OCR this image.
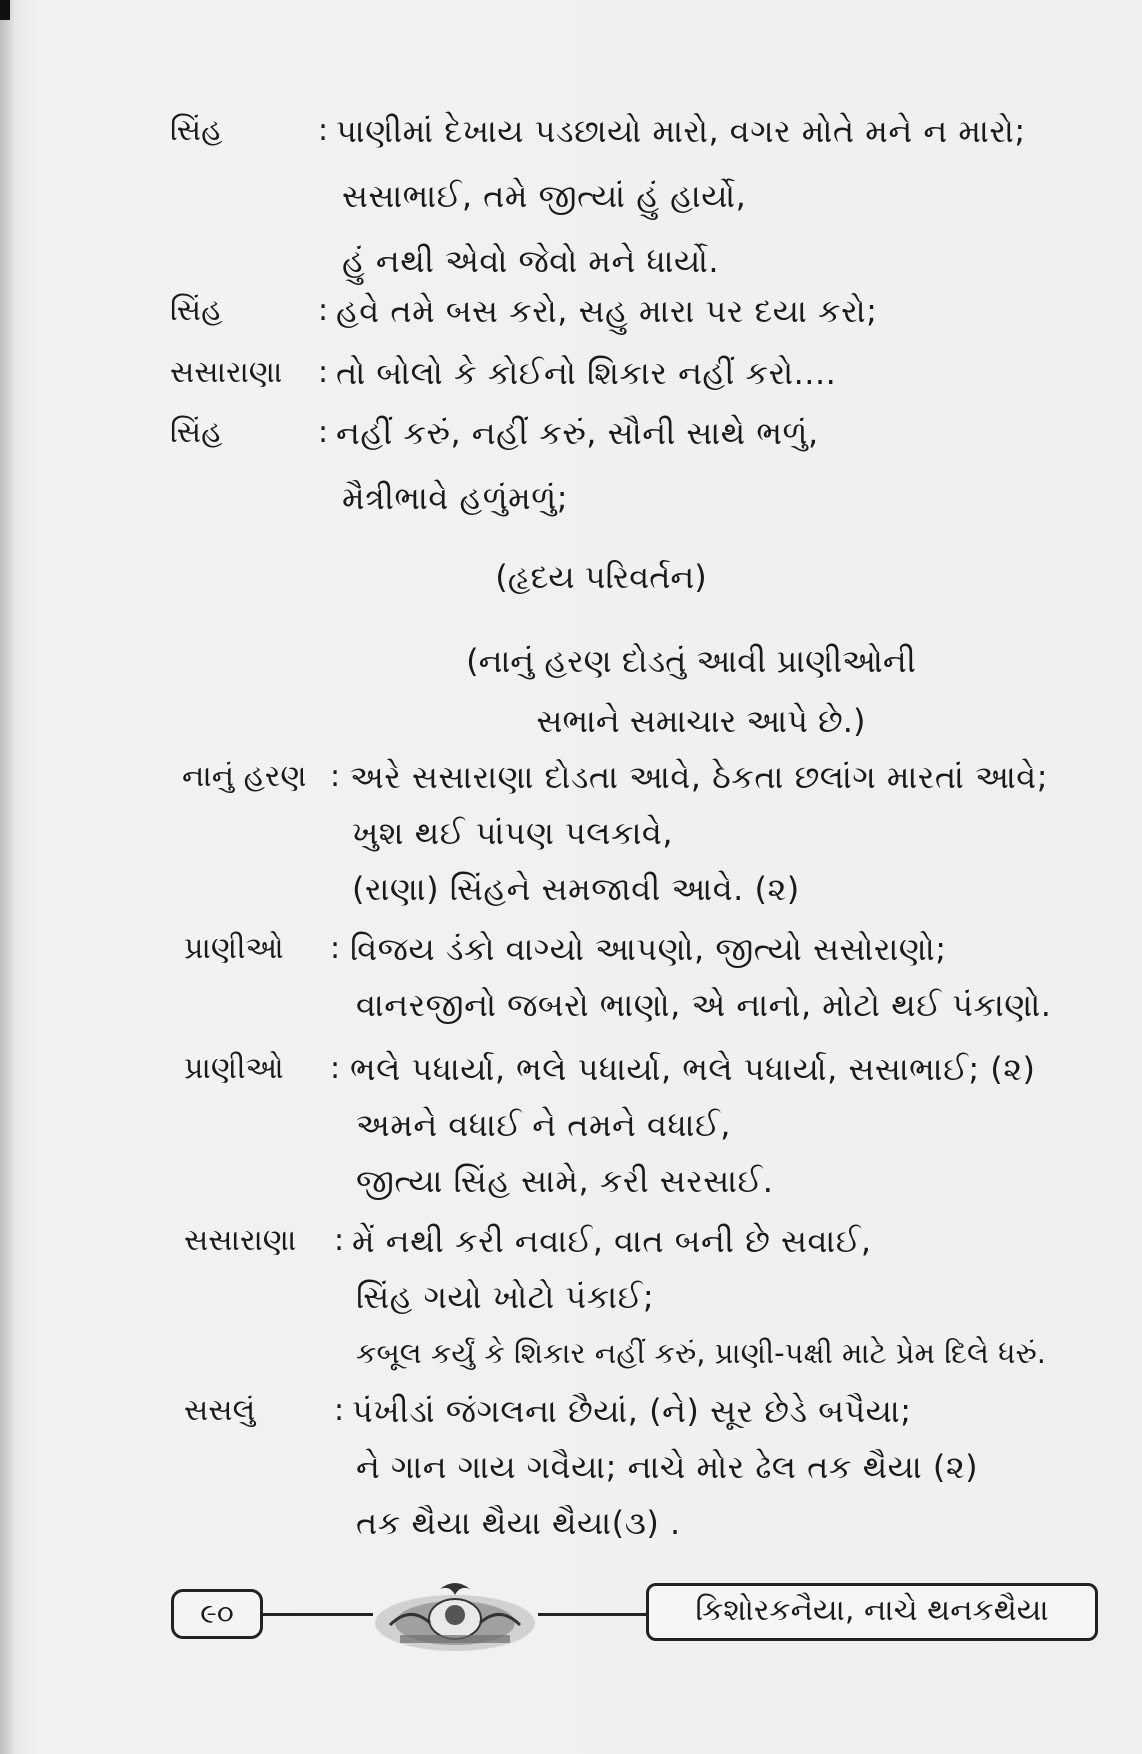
સિંહ	: પાણીમાં દેખાય પડછાયો મારો, વગર મોતે મને ન મારો;
સસાભાઈ, તમે જીત્યાં હું હાર્યો,
હું નથી એવો જેવો મને ધાર્યો.
સિંહ	: હવે તમે બસ કરો, સહુ મારા પર દયા કરો;
સસારાણા : તો બોલો કે કોઈનો શિકાર નહીં કરો....
સિંહ	: નહીં કરું, નહીં કરું, સૌની સાથે ભળું,
મૈત્રીભાવે હળુંમળું;
(હૃદય પરિવર્તન)
(નાનું હરણ દોડતું આવી પ્રાણીઓની
સભાને સમાચાર આપે છે.)
નાનું હરણ : અરે સસારાણા દોડતા આવે, ઠેકતા છલાંગ મારતાં આવે;
ખુશ થઈ પાંપણ પલકાવે,
(રાણા) સિંહને સમજાવી આવે. (૨)
પ્રાણીઓ : વિજય ડંકો વાગ્યો આપણો, જીત્યો સસોરાણો;
વાનરજીનો જબરો ભાણો, એ નાનો, મોટો થઈ પંકાણો.
પ્રાણીઓ : ભલે પધાર્યા, ભલે પધાર્યા, ભલે પધાર્યા, સસાભાઈ; (૨)
અમને વધાઈ ને તમને વધાઈ,
જીત્યા સિંહ સામે, કરી સરસાઈ.
સસારાણા : મેં નથી કરી નવાઈ, વાત બની છે સવાઈ,
સિંહ ગયો ખોટો પંકાઈ;
કબૂલ કર્યું કે શિકાર નહીં કરું, પ્રાણી-પક્ષી માટે પ્રેમ દિલે ધરું.
સસલું	: પંખીડાં જંગલના છૈયાં, (ને) સૂર છેડે બપૈયા;
ને ગાન ગાય ગવૈયા; નાચે મોર ઢેલ તક થૈયા (૨)
તક થૈયા થૈયા થૈયા(૩) .
૯૦	કિશોરકનૈયા, નાચે થનકથૈયા
